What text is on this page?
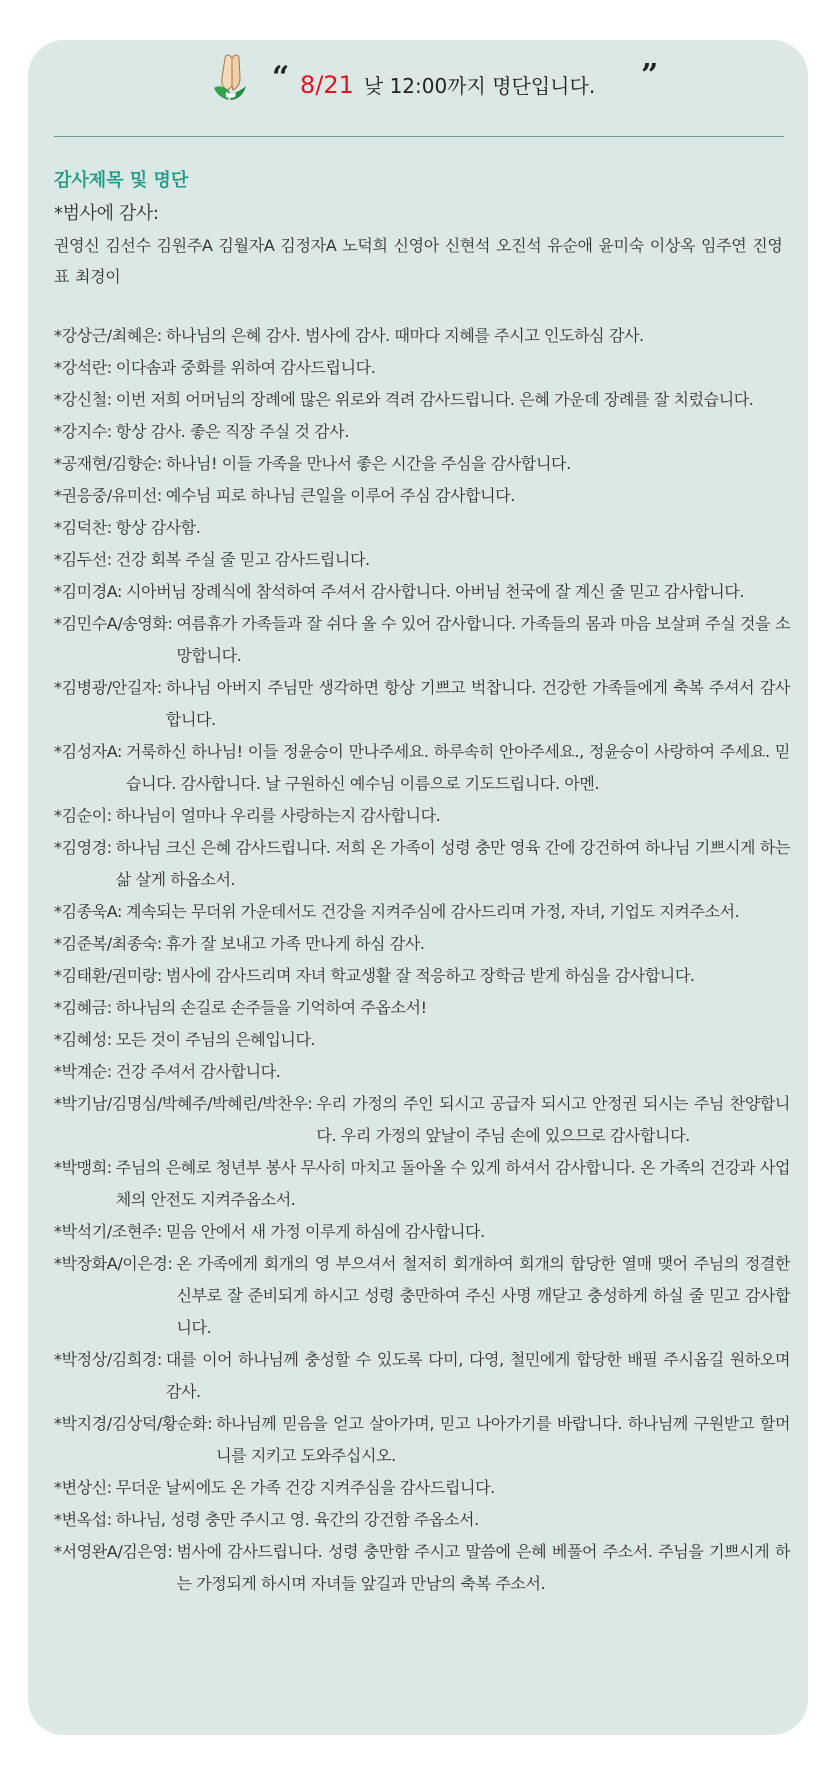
“ 8/21 낮 12:00까지 명단입니다. ”
감사제목 및 명단
*범사에 감사:
권영신 김선수 김원주A 김월자A 김정자A 노덕희 신영아 신현석 오진석 유순애 윤미숙 이상옥 임주연 진영표 최경이
*강상근/최혜은: 하나님의 은혜 감사. 범사에 감사. 때마다 지혜를 주시고 인도하심 감사.
*강석란: 이다솜과 중화를 위하여 감사드립니다.
*강신철: 이번 저희 어머님의 장례에 많은 위로와 격려 감사드립니다. 은혜 가운데 장례를 잘 치렀습니다.
*강지수: 항상 감사. 좋은 직장 주실 것 감사.
*공재현/김향순: 하나님! 이들 가족을 만나서 좋은 시간을 주심을 감사합니다.
*권응중/유미선: 예수님 피로 하나님 큰일을 이루어 주심 감사합니다.
*김덕찬: 항상 감사함.
*김두선: 건강 회복 주실 줄 믿고 감사드립니다.
*김미경A: 시아버님 장례식에 참석하여 주셔서 감사합니다. 아버님 천국에 잘 계신 줄 믿고 감사합니다.
*김민수A/송영화: 여름휴가 가족들과 잘 쉬다 올 수 있어 감사합니다. 가족들의 몸과 마음 보살펴 주실 것을 소망합니다.
*김병광/안길자: 하나님 아버지 주님만 생각하면 항상 기쁘고 벅찹니다. 건강한 가족들에게 축복 주셔서 감사합니다.
*김성자A: 거룩하신 하나님! 이들 정윤승이 만나주세요. 하루속히 안아주세요., 정윤승이 사랑하여 주세요. 믿습니다. 감사합니다. 날 구원하신 예수님 이름으로 기도드립니다. 아멘.
*김순이: 하나님이 얼마나 우리를 사랑하는지 감사합니다.
*김영경: 하나님 크신 은혜 감사드립니다. 저희 온 가족이 성령 충만 영육 간에 강건하여 하나님 기쁘시게 하는 삶 살게 하옵소서.
*김종욱A: 계속되는 무더위 가운데서도 건강을 지켜주심에 감사드리며 가정, 자녀, 기업도 지켜주소서.
*김준복/최종숙: 휴가 잘 보내고 가족 만나게 하심 감사.
*김태환/권미랑: 범사에 감사드리며 자녀 학교생활 잘 적응하고 장학금 받게 하심을 감사합니다.
*김혜금: 하나님의 손길로 손주들을 기억하여 주옵소서!
*김혜성: 모든 것이 주님의 은혜입니다.
*박계순: 건강 주셔서 감사합니다.
*박기남/김명심/박혜주/박혜린/박찬우: 우리 가정의 주인 되시고 공급자 되시고 안정권 되시는 주님 찬양합니다. 우리 가정의 앞날이 주님 손에 있으므로 감사합니다.
*박맹희: 주님의 은혜로 청년부 봉사 무사히 마치고 돌아올 수 있게 하셔서 감사합니다. 온 가족의 건강과 사업체의 안전도 지켜주옵소서.
*박석기/조현주: 믿음 안에서 새 가정 이루게 하심에 감사합니다.
*박장화A/이은경: 온 가족에게 회개의 영 부으셔서 철저히 회개하여 회개의 합당한 열매 맺어 주님의 정결한 신부로 잘 준비되게 하시고 성령 충만하여 주신 사명 깨닫고 충성하게 하실 줄 믿고 감사합니다.
*박정상/김희경: 대를 이어 하나님께 충성할 수 있도록 다미, 다영, 철민에게 합당한 배필 주시옵길 원하오며 감사.
*박지경/김상덕/황순화: 하나님께 믿음을 얻고 살아가며, 믿고 나아가기를 바랍니다. 하나님께 구원받고 할머니를 지키고 도와주십시오.
*변상신: 무더운 날씨에도 온 가족 건강 지켜주심을 감사드립니다.
*변옥섭: 하나님, 성령 충만 주시고 영. 육간의 강건함 주옵소서.
*서영완A/김은영: 범사에 감사드립니다. 성령 충만함 주시고 말씀에 은혜 베풀어 주소서. 주님을 기쁘시게 하는 가정되게 하시며 자녀들 앞길과 만남의 축복 주소서.
